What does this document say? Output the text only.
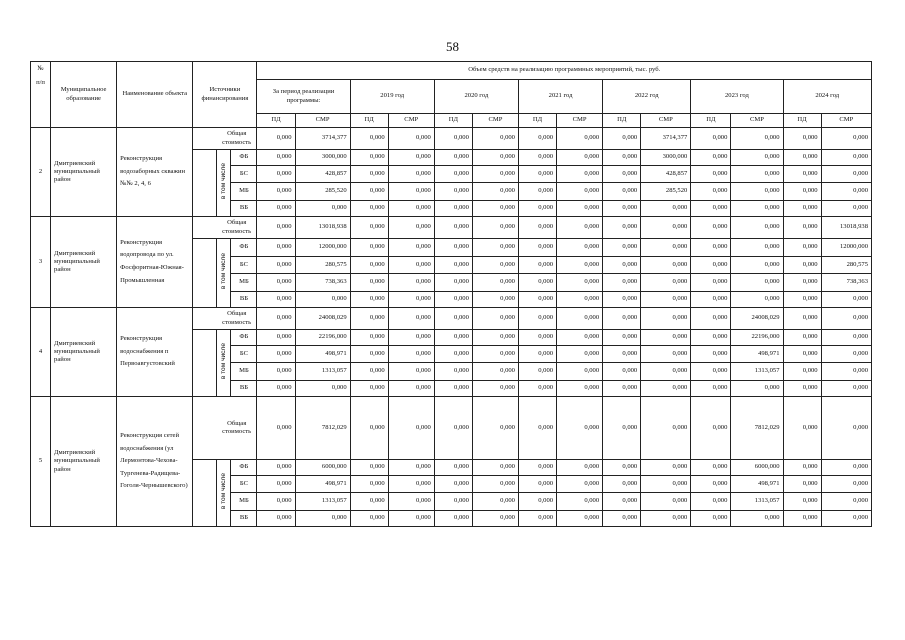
58
№
п/п	Муниципальное образование	Наименование объекта	Источники финансирования			Объем средств на реализацию программных мероприятий, тыс. руб.													
						За период реализации программы:		2019 год		2020 год		2021 год		2022 год		2023 год		2024 год	
						ПД	СМР	ПД	СМР	ПД	СМР	ПД	СМР	ПД	СМР	ПД	СМР	ПД	СМР
2	Дмитриевский муниципальный район	Реконструкция водозаборных скважин №№ 2, 4, 6		Общая стоимость		0,000	3714,377	0,000	0,000	0,000	0,000	0,000	0,000	0,000	3714,377	0,000	0,000	0,000	0,000
				в том числе	ФБ	0,000	3000,000	0,000	0,000	0,000	0,000	0,000	0,000	0,000	3000,000	0,000	0,000	0,000	0,000
					БС	0,000	428,857	0,000	0,000	0,000	0,000	0,000	0,000	0,000	428,857	0,000	0,000	0,000	0,000
					МБ	0,000	285,520	0,000	0,000	0,000	0,000	0,000	0,000	0,000	285,520	0,000	0,000	0,000	0,000
					ВБ	0,000	0,000	0,000	0,000	0,000	0,000	0,000	0,000	0,000	0,000	0,000	0,000	0,000	0,000
3	Дмитриевский муниципальный район	Реконструкция водопровода по ул. Фосфоритная-Южная-Промышленная		Общая стоимость		0,000	13018,938	0,000	0,000	0,000	0,000	0,000	0,000	0,000	0,000	0,000	0,000	0,000	13018,938
				в том числе	ФБ	0,000	12000,000	0,000	0,000	0,000	0,000	0,000	0,000	0,000	0,000	0,000	0,000	0,000	12000,000
					БС	0,000	280,575	0,000	0,000	0,000	0,000	0,000	0,000	0,000	0,000	0,000	0,000	0,000	280,575
					МБ	0,000	738,363	0,000	0,000	0,000	0,000	0,000	0,000	0,000	0,000	0,000	0,000	0,000	738,363
					ВБ	0,000	0,000	0,000	0,000	0,000	0,000	0,000	0,000	0,000	0,000	0,000	0,000	0,000	0,000
4	Дмитриевский муниципальный район	Реконструкция водоснабжения п Первоавгустовский		Общая стоимость		0,000	24008,029	0,000	0,000	0,000	0,000	0,000	0,000	0,000	0,000	0,000	24008,029	0,000	0,000
				в том числе	ФБ	0,000	22196,000	0,000	0,000	0,000	0,000	0,000	0,000	0,000	0,000	0,000	22196,000	0,000	0,000
					БС	0,000	498,971	0,000	0,000	0,000	0,000	0,000	0,000	0,000	0,000	0,000	498,971	0,000	0,000
					МБ	0,000	1313,057	0,000	0,000	0,000	0,000	0,000	0,000	0,000	0,000	0,000	1313,057	0,000	0,000
					ВБ	0,000	0,000	0,000	0,000	0,000	0,000	0,000	0,000	0,000	0,000	0,000	0,000	0,000	0,000
5	Дмитриевский муниципальный район	Реконструкция сетей водоснабжения (ул Лермонтова-Чехова-Тургенева-Радищева-Гоголя-Чернышевского)		Общая стоимость		0,000	7812,029	0,000	0,000	0,000	0,000	0,000	0,000	0,000	0,000	0,000	7812,029	0,000	0,000
				в том числе	ФБ	0,000	6000,000	0,000	0,000	0,000	0,000	0,000	0,000	0,000	0,000	0,000	6000,000	0,000	0,000
					БС	0,000	498,971	0,000	0,000	0,000	0,000	0,000	0,000	0,000	0,000	0,000	498,971	0,000	0,000
					МБ	0,000	1313,057	0,000	0,000	0,000	0,000	0,000	0,000	0,000	0,000	0,000	1313,057	0,000	0,000
					ВБ	0,000	0,000	0,000	0,000	0,000	0,000	0,000	0,000	0,000	0,000	0,000	0,000	0,000	0,000
